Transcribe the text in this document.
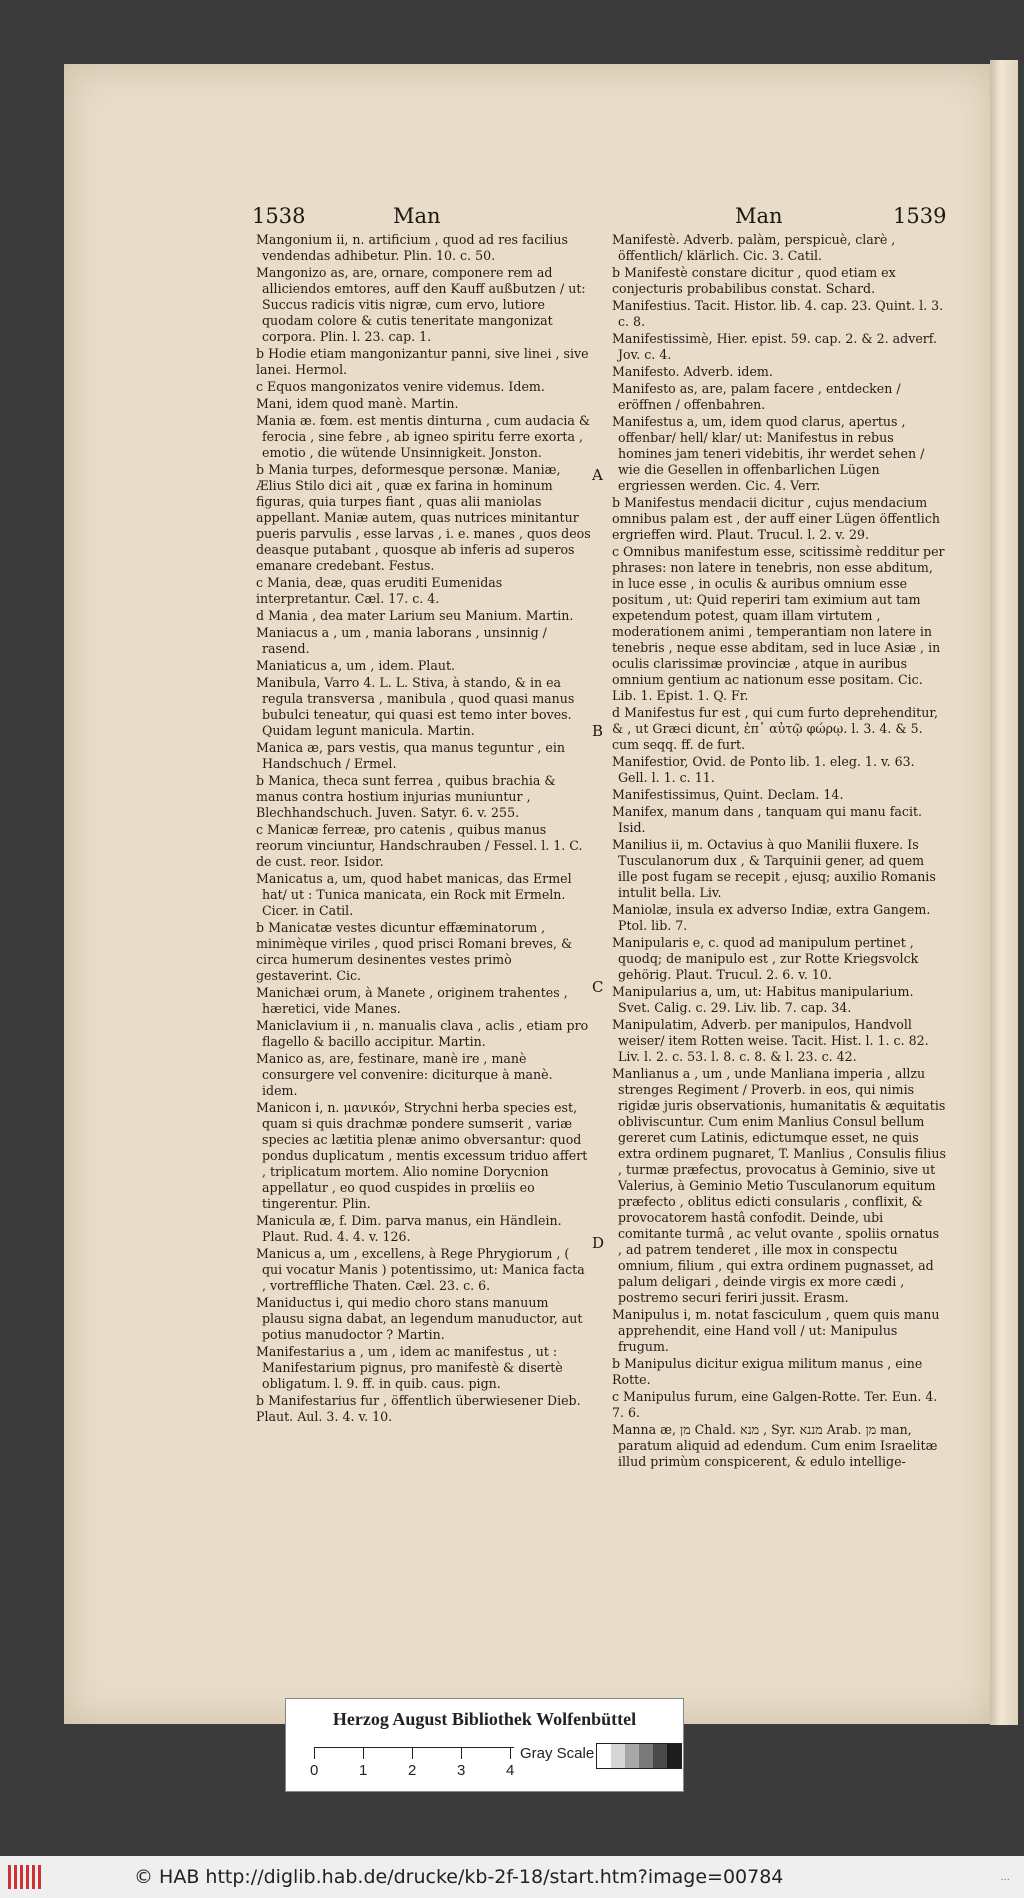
1538	Man	Man	1539

Mangonium ii, n. artificium , quod ad res facilius vendendas adhibetur. Plin. 10. c. 50.

Mangonizo as, are, ornare, componere rem ad alliciendos emtores, auff den Kauff außbutzen / ut: Succus radicis vitis nigræ, cum ervo, lutiore quodam colore & cutis teneritate mangonizat corpora. Plin. l. 23. cap. 1.

b Hodie etiam mangonizantur panni, sive linei , sive lanei. Hermol.

c Equos mangonizatos venire videmus. Idem.

Mani, idem quod manè. Martin.

Mania æ. fœm. est mentis dinturna , cum audacia & ferocia , sine febre , ab igneo spiritu ferre exorta , emotio , die wütende Unsinnigkeit. Jonston.

b Mania turpes, deformesque personæ. Maniæ, Ælius Stilo dici ait , quæ ex farina in hominum figuras, quia turpes fiant , quas alii maniolas appellant. Maniæ autem, quas nutrices minitantur pueris parvulis , esse larvas , i. e. manes , quos deos deasque putabant , quosque ab inferis ad superos emanare credebant. Festus.

c Mania, deæ, quas eruditi Eumenidas interpretantur. Cæl. 17. c. 4.

d Mania , dea mater Larium seu Manium. Martin.

Maniacus a , um , mania laborans , unsinnig / rasend.

Maniaticus a, um , idem. Plaut.

Manibula, Varro 4. L. L. Stiva, à stando, & in ea regula transversa , manibula , quod quasi manus bubulci teneatur, qui quasi est temo inter boves. Quidam legunt manicula. Martin.

Manica æ, pars vestis, qua manus teguntur , ein Handschuch / Ermel.

b Manica, theca sunt ferrea , quibus brachia & manus contra hostium injurias muniuntur , Blechhandschuch. Juven. Satyr. 6. v. 255.

c Manicæ ferreæ, pro catenis , quibus manus reorum vinciuntur, Handschrauben / Fessel. l. 1. C. de cust. reor. Isidor.

Manicatus a, um, quod habet manicas, das Ermel hat/ ut : Tunica manicata, ein Rock mit Ermeln. Cicer. in Catil.

b Manicatæ vestes dicuntur effæminatorum , minimèque viriles , quod prisci Romani breves, & circa humerum desinentes vestes primò gestaverint. Cic.

Manichæi orum, à Manete , originem trahentes , hæretici, vide Manes.

Maniclavium ii , n. manualis clava , aclis , etiam pro flagello & bacillo accipitur. Martin.

Manico as, are, festinare, manè ire , manè consurgere vel convenire: diciturque à manè. idem.

Manicon i, n. μανικόν, Strychni herba species est, quam si quis drachmæ pondere sumserit , variæ species ac lætitia plenæ animo obversantur: quod pondus duplicatum , mentis excessum triduo affert , triplicatum mortem. Alio nomine Dorycnion appellatur , eo quod cuspides in prœliis eo tingerentur. Plin.

Manicula æ, f. Dim. parva manus, ein Händlein. Plaut. Rud. 4. 4. v. 126.

Manicus a, um , excellens, à Rege Phrygiorum , ( qui vocatur Manis ) potentissimo, ut: Manica facta , vortreffliche Thaten. Cæl. 23. c. 6.

Maniductus i, qui medio choro stans manuum plausu signa dabat, an legendum manuductor, aut potius manudoctor ? Martin.

Manifestarius a , um , idem ac manifestus , ut : Manifestarium pignus, pro manifestè & disertè obligatum. l. 9. ff. in quib. caus. pign.

b Manifestarius fur , öffentlich überwiesener Dieb. Plaut. Aul. 3. 4. v. 10.

Manifestè. Adverb. palàm, perspicuè, clarè , öffentlich/ klärlich. Cic. 3. Catil.

b Manifestè constare dicitur , quod etiam ex conjecturis probabilibus constat. Schard.

Manifestius. Tacit. Histor. lib. 4. cap. 23. Quint. l. 3. c. 8.

Manifestissimè, Hier. epist. 59. cap. 2. & 2. adverf. Jov. c. 4.

Manifesto. Adverb. idem.

Manifesto as, are, palam facere , entdecken / eröffnen / offenbahren.

Manifestus a, um, idem quod clarus, apertus , offenbar/ hell/ klar/ ut: Manifestus in rebus homines jam teneri videbitis, ihr werdet sehen / wie die Gesellen in offenbarlichen Lügen ergriessen werden. Cic. 4. Verr.

b Manifestus mendacii dicitur , cujus mendacium omnibus palam est , der auff einer Lügen öffentlich ergrieffen wird. Plaut. Trucul. l. 2. v. 29.

c Omnibus manifestum esse, scitissimè redditur per phrases: non latere in tenebris, non esse abditum, in luce esse , in oculis & auribus omnium esse positum , ut: Quid reperiri tam eximium aut tam expetendum potest, quam illam virtutem , moderationem animi , temperantiam non latere in tenebris , neque esse abditam, sed in luce Asiæ , in oculis clarissimæ provinciæ , atque in auribus omnium gentium ac nationum esse positam. Cic. Lib. 1. Epist. 1. Q. Fr.

d Manifestus fur est , qui cum furto deprehenditur, & , ut Græci dicunt, ἐπ᾽ αὐτῷ φώρῳ. l. 3. 4. & 5. cum seqq. ff. de furt.

Manifestior, Ovid. de Ponto lib. 1. eleg. 1. v. 63. Gell. l. 1. c. 11.

Manifestissimus, Quint. Declam. 14.

Manifex, manum dans , tanquam qui manu facit. Isid.

Manilius ii, m. Octavius à quo Manilii fluxere. Is Tusculanorum dux , & Tarquinii gener, ad quem ille post fugam se recepit , ejusq; auxilio Romanis intulit bella. Liv.

Maniolæ, insula ex adverso Indiæ, extra Gangem. Ptol. lib. 7.

Manipularis e, c. quod ad manipulum pertinet , quodq; de manipulo est , zur Rotte Kriegsvolck gehörig. Plaut. Trucul. 2. 6. v. 10.

Manipularius a, um, ut: Habitus manipularium. Svet. Calig. c. 29. Liv. lib. 7. cap. 34.

Manipulatim, Adverb. per manipulos, Handvoll weiser/ item Rotten weise. Tacit. Hist. l. 1. c. 82. Liv. l. 2. c. 53. l. 8. c. 8. & l. 23. c. 42.

Manlianus a , um , unde Manliana imperia , allzu strenges Regiment / Proverb. in eos, qui nimis rigidæ juris observationis, humanitatis & æquitatis obliviscuntur. Cum enim Manlius Consul bellum gereret cum Latinis, edictumque esset, ne quis extra ordinem pugnaret, T. Manlius , Consulis filius , turmæ præfectus, provocatus à Geminio, sive ut Valerius, à Geminio Metio Tusculanorum equitum præfecto , oblitus edicti consularis , conflixit, & provocatorem hastâ confodit. Deinde, ubi comitante turmâ , ac velut ovante , spoliis ornatus , ad patrem tenderet , ille mox in conspectu omnium, filium , qui extra ordinem pugnasset, ad palum deligari , deinde virgis ex more cædi , postremo securi feriri jussit. Erasm.

Manipulus i, m. notat fasciculum , quem quis manu apprehendit, eine Hand voll / ut: Manipulus frugum.

b Manipulus dicitur exigua militum manus , eine Rotte.

c Manipulus furum, eine Galgen-Rotte. Ter. Eun. 4. 7. 6.

Manna æ, מן Chald. מנא , Syr. מננא Arab. מן man, paratum aliquid ad edendum. Cum enim Israelitæ illud primùm conspicerent, & edulo intellige-

A
B
C
D
Herzog August Bibliothek Wolfenbüttel
0	1	2	3	4
Gray Scale
© HAB http://diglib.hab.de/drucke/kb-2f-18/start.htm?image=00784	...
